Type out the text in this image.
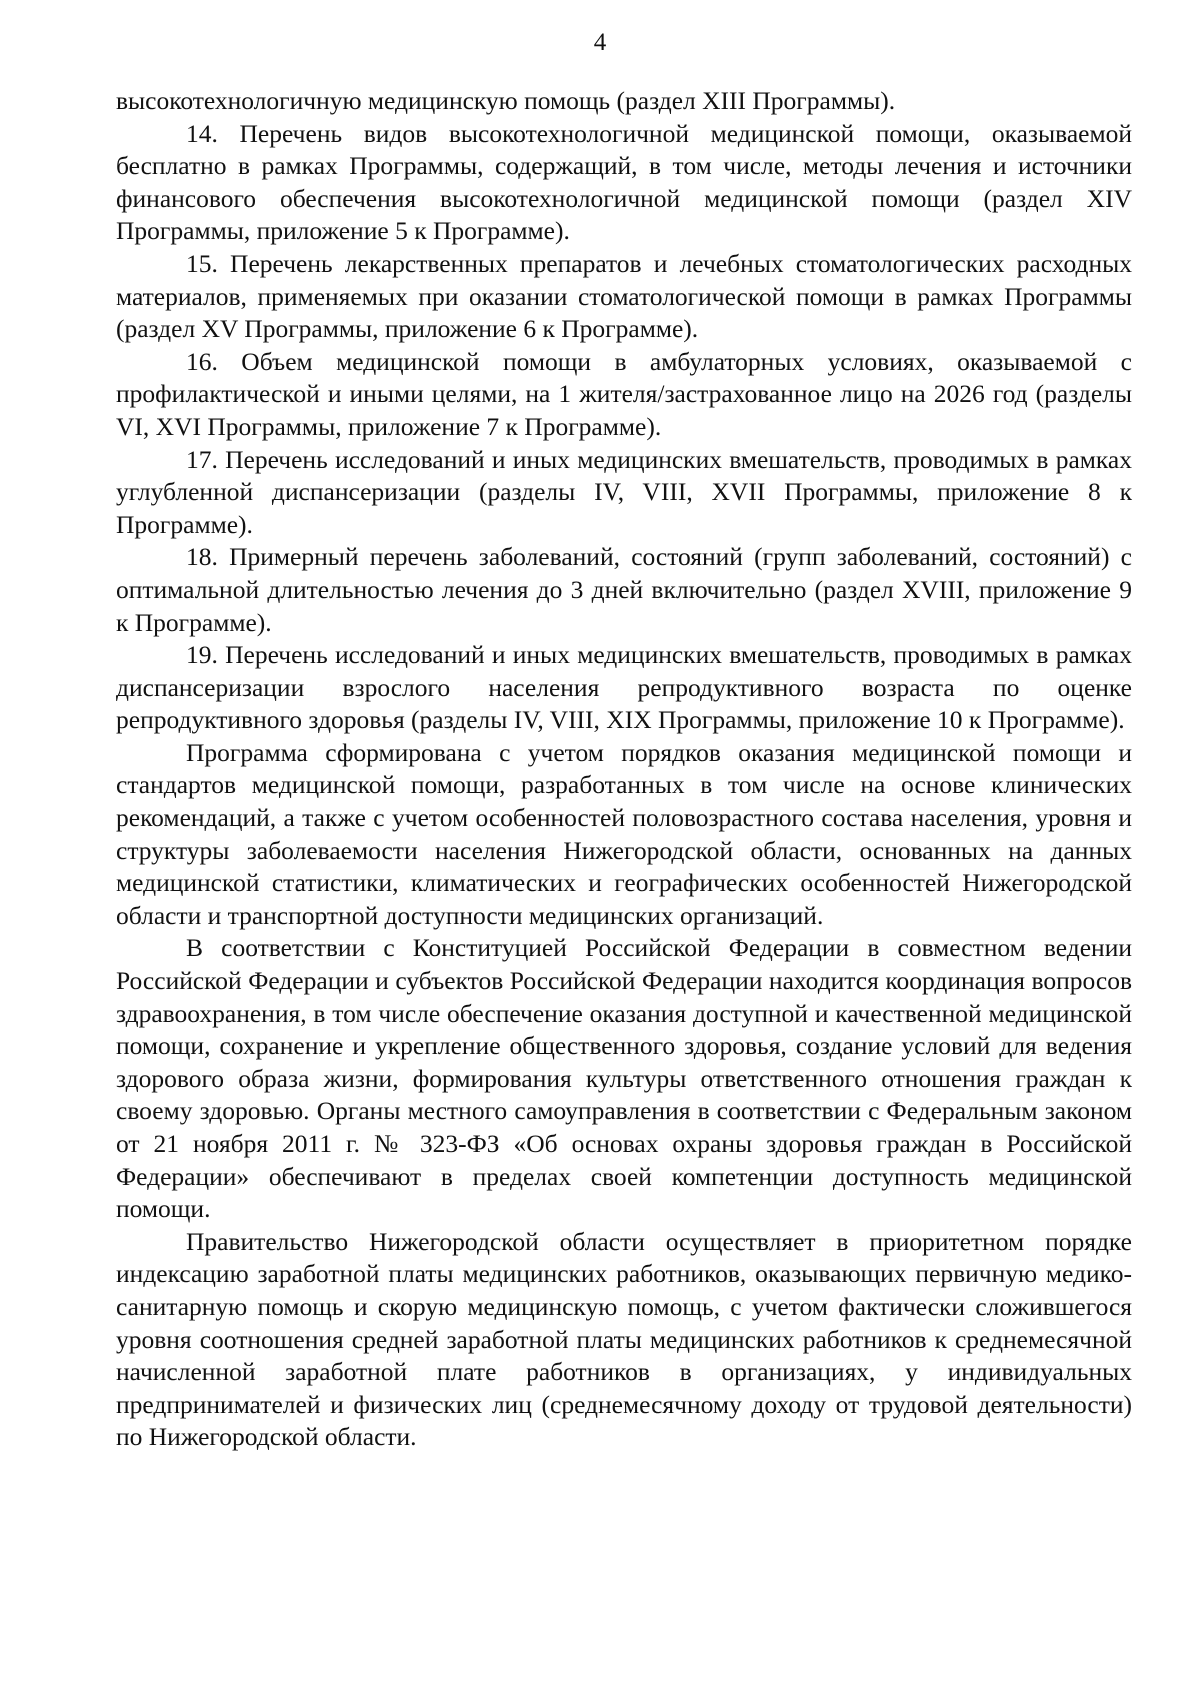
4

высокотехнологичную медицинскую помощь (раздел XIII Программы).

14. Перечень видов высокотехнологичной медицинской помощи, оказываемой бесплатно в рамках Программы, содержащий, в том числе, методы лечения и источники финансового обеспечения высокотехнологичной медицинской помощи (раздел XIV Программы, приложение 5 к Программе).

15. Перечень лекарственных препаратов и лечебных стоматологических расходных материалов, применяемых при оказании стоматологической помощи в рамках Программы (раздел XV Программы, приложение 6 к Программе).

16. Объем медицинской помощи в амбулаторных условиях, оказываемой с профилактической и иными целями, на 1 жителя/застрахованное лицо на 2026 год (разделы VI, XVI Программы, приложение 7 к Программе).

17. Перечень исследований и иных медицинских вмешательств, проводимых в рамках углубленной диспансеризации (разделы IV, VIII, XVII Программы, приложение 8 к Программе).

18. Примерный перечень заболеваний, состояний (групп заболеваний, состояний) с оптимальной длительностью лечения до 3 дней включительно (раздел XVIII, приложение 9 к Программе).

19. Перечень исследований и иных медицинских вмешательств, проводимых в рамках диспансеризации взрослого населения репродуктивного возраста по оценке репродуктивного здоровья (разделы IV, VIII, XIX Программы, приложение 10 к Программе).

Программа сформирована с учетом порядков оказания медицинской помощи и стандартов медицинской помощи, разработанных в том числе на основе клинических рекомендаций, а также с учетом особенностей половозрастного состава населения, уровня и структуры заболеваемости населения Нижегородской области, основанных на данных медицинской статистики, климатических и географических особенностей Нижегородской области и транспортной доступности медицинских организаций.

В соответствии с Конституцией Российской Федерации в совместном ведении Российской Федерации и субъектов Российской Федерации находится координация вопросов здравоохранения, в том числе обеспечение оказания доступной и качественной медицинской помощи, сохранение и укрепление общественного здоровья, создание условий для ведения здорового образа жизни, формирования культуры ответственного отношения граждан к своему здоровью. Органы местного самоуправления в соответствии с Федеральным законом от 21 ноября 2011 г. № 323-ФЗ «Об основах охраны здоровья граждан в Российской Федерации» обеспечивают в пределах своей компетенции доступность медицинской помощи.

Правительство Нижегородской области осуществляет в приоритетном порядке индексацию заработной платы медицинских работников, оказывающих первичную медико-санитарную помощь и скорую медицинскую помощь, с учетом фактически сложившегося уровня соотношения средней заработной платы медицинских работников к среднемесячной начисленной заработной плате работников в организациях, у индивидуальных предпринимателей и физических лиц (среднемесячному доходу от трудовой деятельности) по Нижегородской области.
